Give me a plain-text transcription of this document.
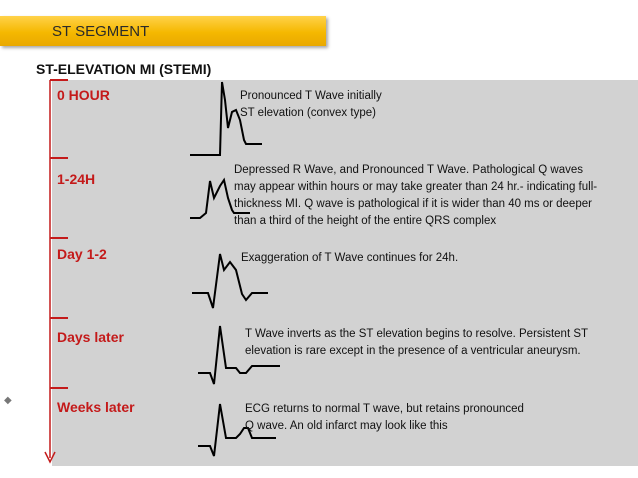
ST SEGMENT
ST-ELEVATION MI (STEMI)
0 HOUR	Pronounced T Wave initially
ST elevation (convex type)
1-24H
Depressed R Wave, and Pronounced T Wave. Pathological Q waves
may appear within hours or may take greater than 24 hr.- indicating full-
thickness MI. Q wave is pathological if it is wider than 40 ms or deeper
than a third of the height of the entire QRS complex
Day 1-2	Exaggeration of T Wave continues for 24h.
Days later	T Wave inverts as the ST elevation begins to resolve. Persistent ST
elevation is rare except in the presence of a ventricular aneurysm.
Weeks later	ECG returns to normal T wave, but retains pronounced
Q wave. An old infarct may look like this
◆
